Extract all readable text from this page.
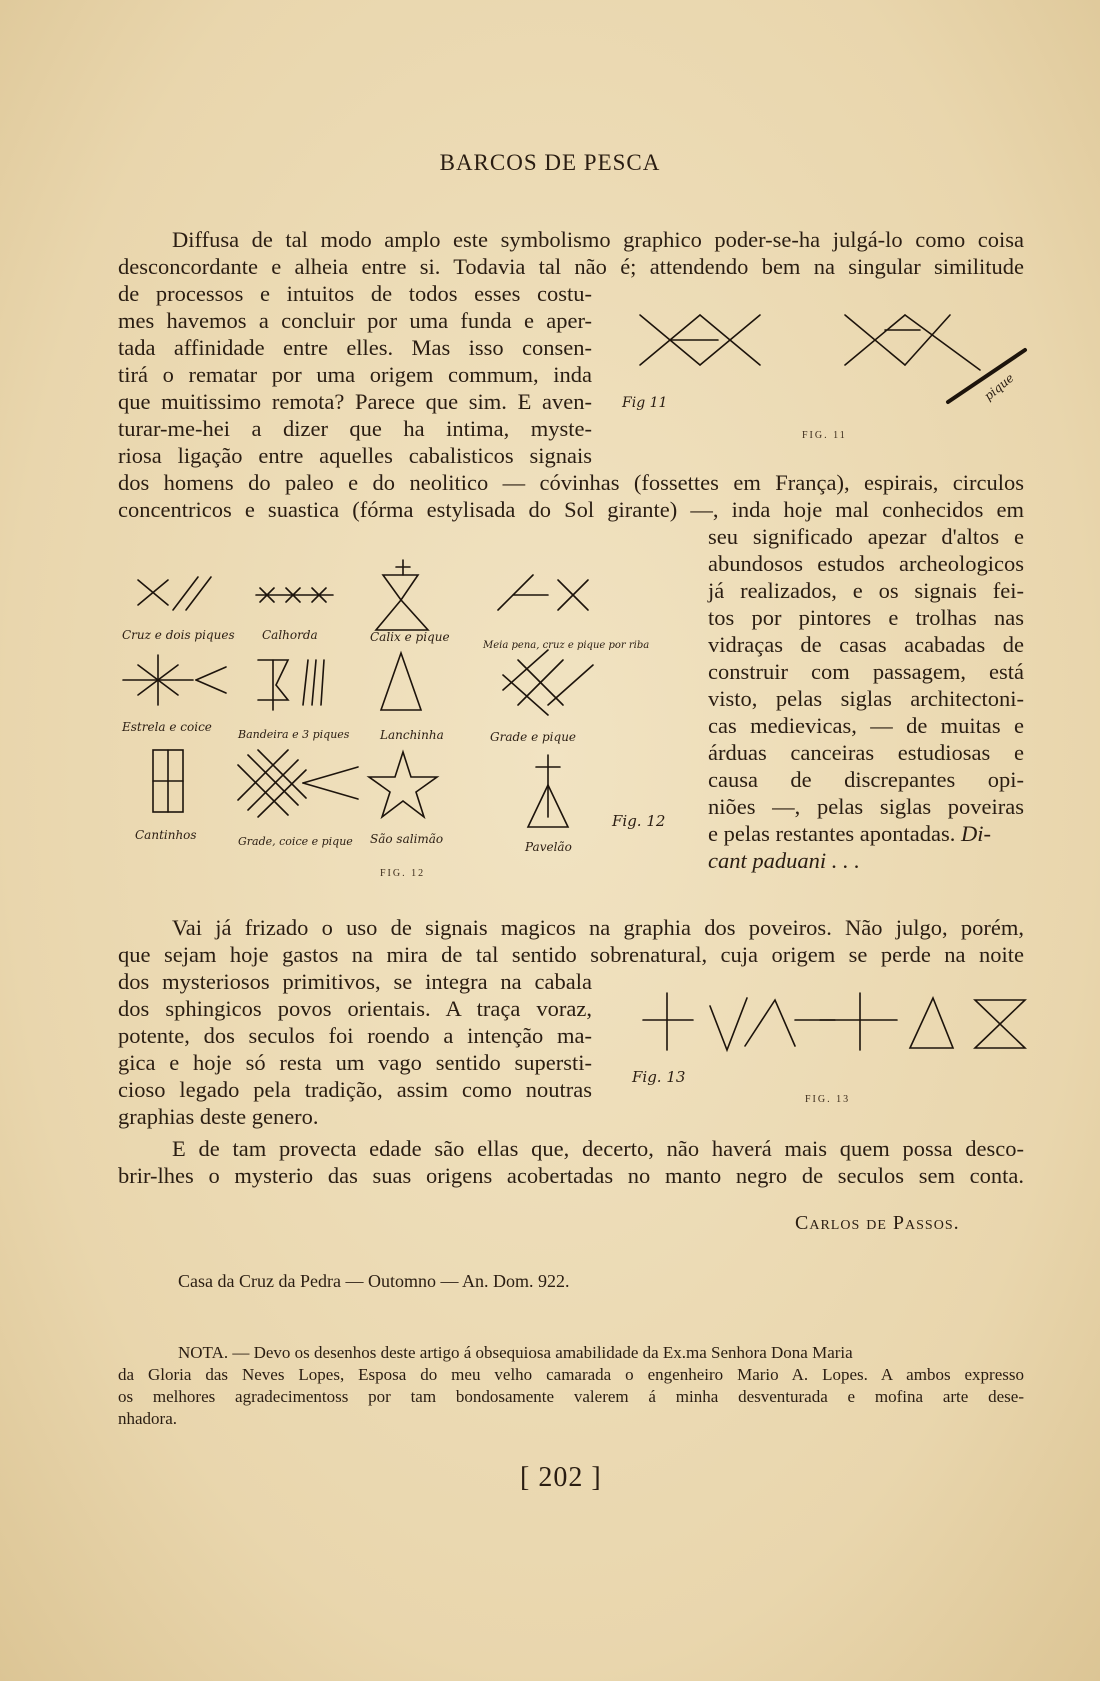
BARCOS DE PESCA
Diffusa de tal modo amplo este symbolismo graphico poder-se-ha julgá-lo como coisa
desconcordante e alheia entre si. Todavia tal não é; attendendo bem na singular similitude
de processos e intuitos de todos esses costu-
mes havemos a concluir por uma funda e aper-
tada affinidade entre elles. Mas isso consen-
tirá o rematar por uma origem commum, inda
que muitissimo remota? Parece que sim. E aven-
turar-me-hei a dizer que ha intima, myste-
riosa ligação entre aquelles cabalisticos signais
dos homens do paleo e do neolitico — cóvinhas (fossettes em França), espirais, circulos
concentricos e suastica (fórma estylisada do Sol girante) —, inda hoje mal conhecidos em
seu significado apezar d'altos e
abundosos estudos archeologicos
já realizados, e os signais fei-
tos por pintores e trolhas nas
vidraças de casas acabadas de
construir com passagem, está
visto, pelas siglas architectoni-
cas medievicas, — de muitas e
árduas canceiras estudiosas e
causa de discrepantes opi-
niões —, pelas siglas poveiras
e pelas restantes apontadas. Di-
cant paduani . . .
Fig 11	pique
FIG. 11
Cruz e dois piques Calhorda	Calix e pique
Meia pena, cruz e pique por riba
Estrela e coice
Bandeira e 3 piques	Lanchinha	Grade e pique
Cantinhos	Grade, coice e pique São salimão
Pavelão
Fig. 12
FIG. 12
Vai já frizado o uso de signais magicos na graphia dos poveiros. Não julgo, porém,
que sejam hoje gastos na mira de tal sentido sobrenatural, cuja origem se perde na noite
dos mysteriosos primitivos, se integra na cabala
dos sphingicos povos orientais. A traça voraz,
potente, dos seculos foi roendo a intenção ma-
gica e hoje só resta um vago sentido supersti-
cioso legado pela tradição, assim como noutras
graphias deste genero.
Fig. 13
FIG. 13
E de tam provecta edade são ellas que, decerto, não haverá mais quem possa desco-
brir-lhes o mysterio das suas origens acobertadas no manto negro de seculos sem conta.
Carlos de Passos.
Casa da Cruz da Pedra — Outomno — An. Dom. 922.
NOTA. — Devo os desenhos deste artigo á obsequiosa amabilidade da Ex.ma Senhora Dona Maria
da Gloria das Neves Lopes, Esposa do meu velho camarada o engenheiro Mario A. Lopes. A ambos expresso
os melhores agradecimentoss por tam bondosamente valerem á minha desventurada e mofina arte dese-
nhadora.
[ 202 ]
